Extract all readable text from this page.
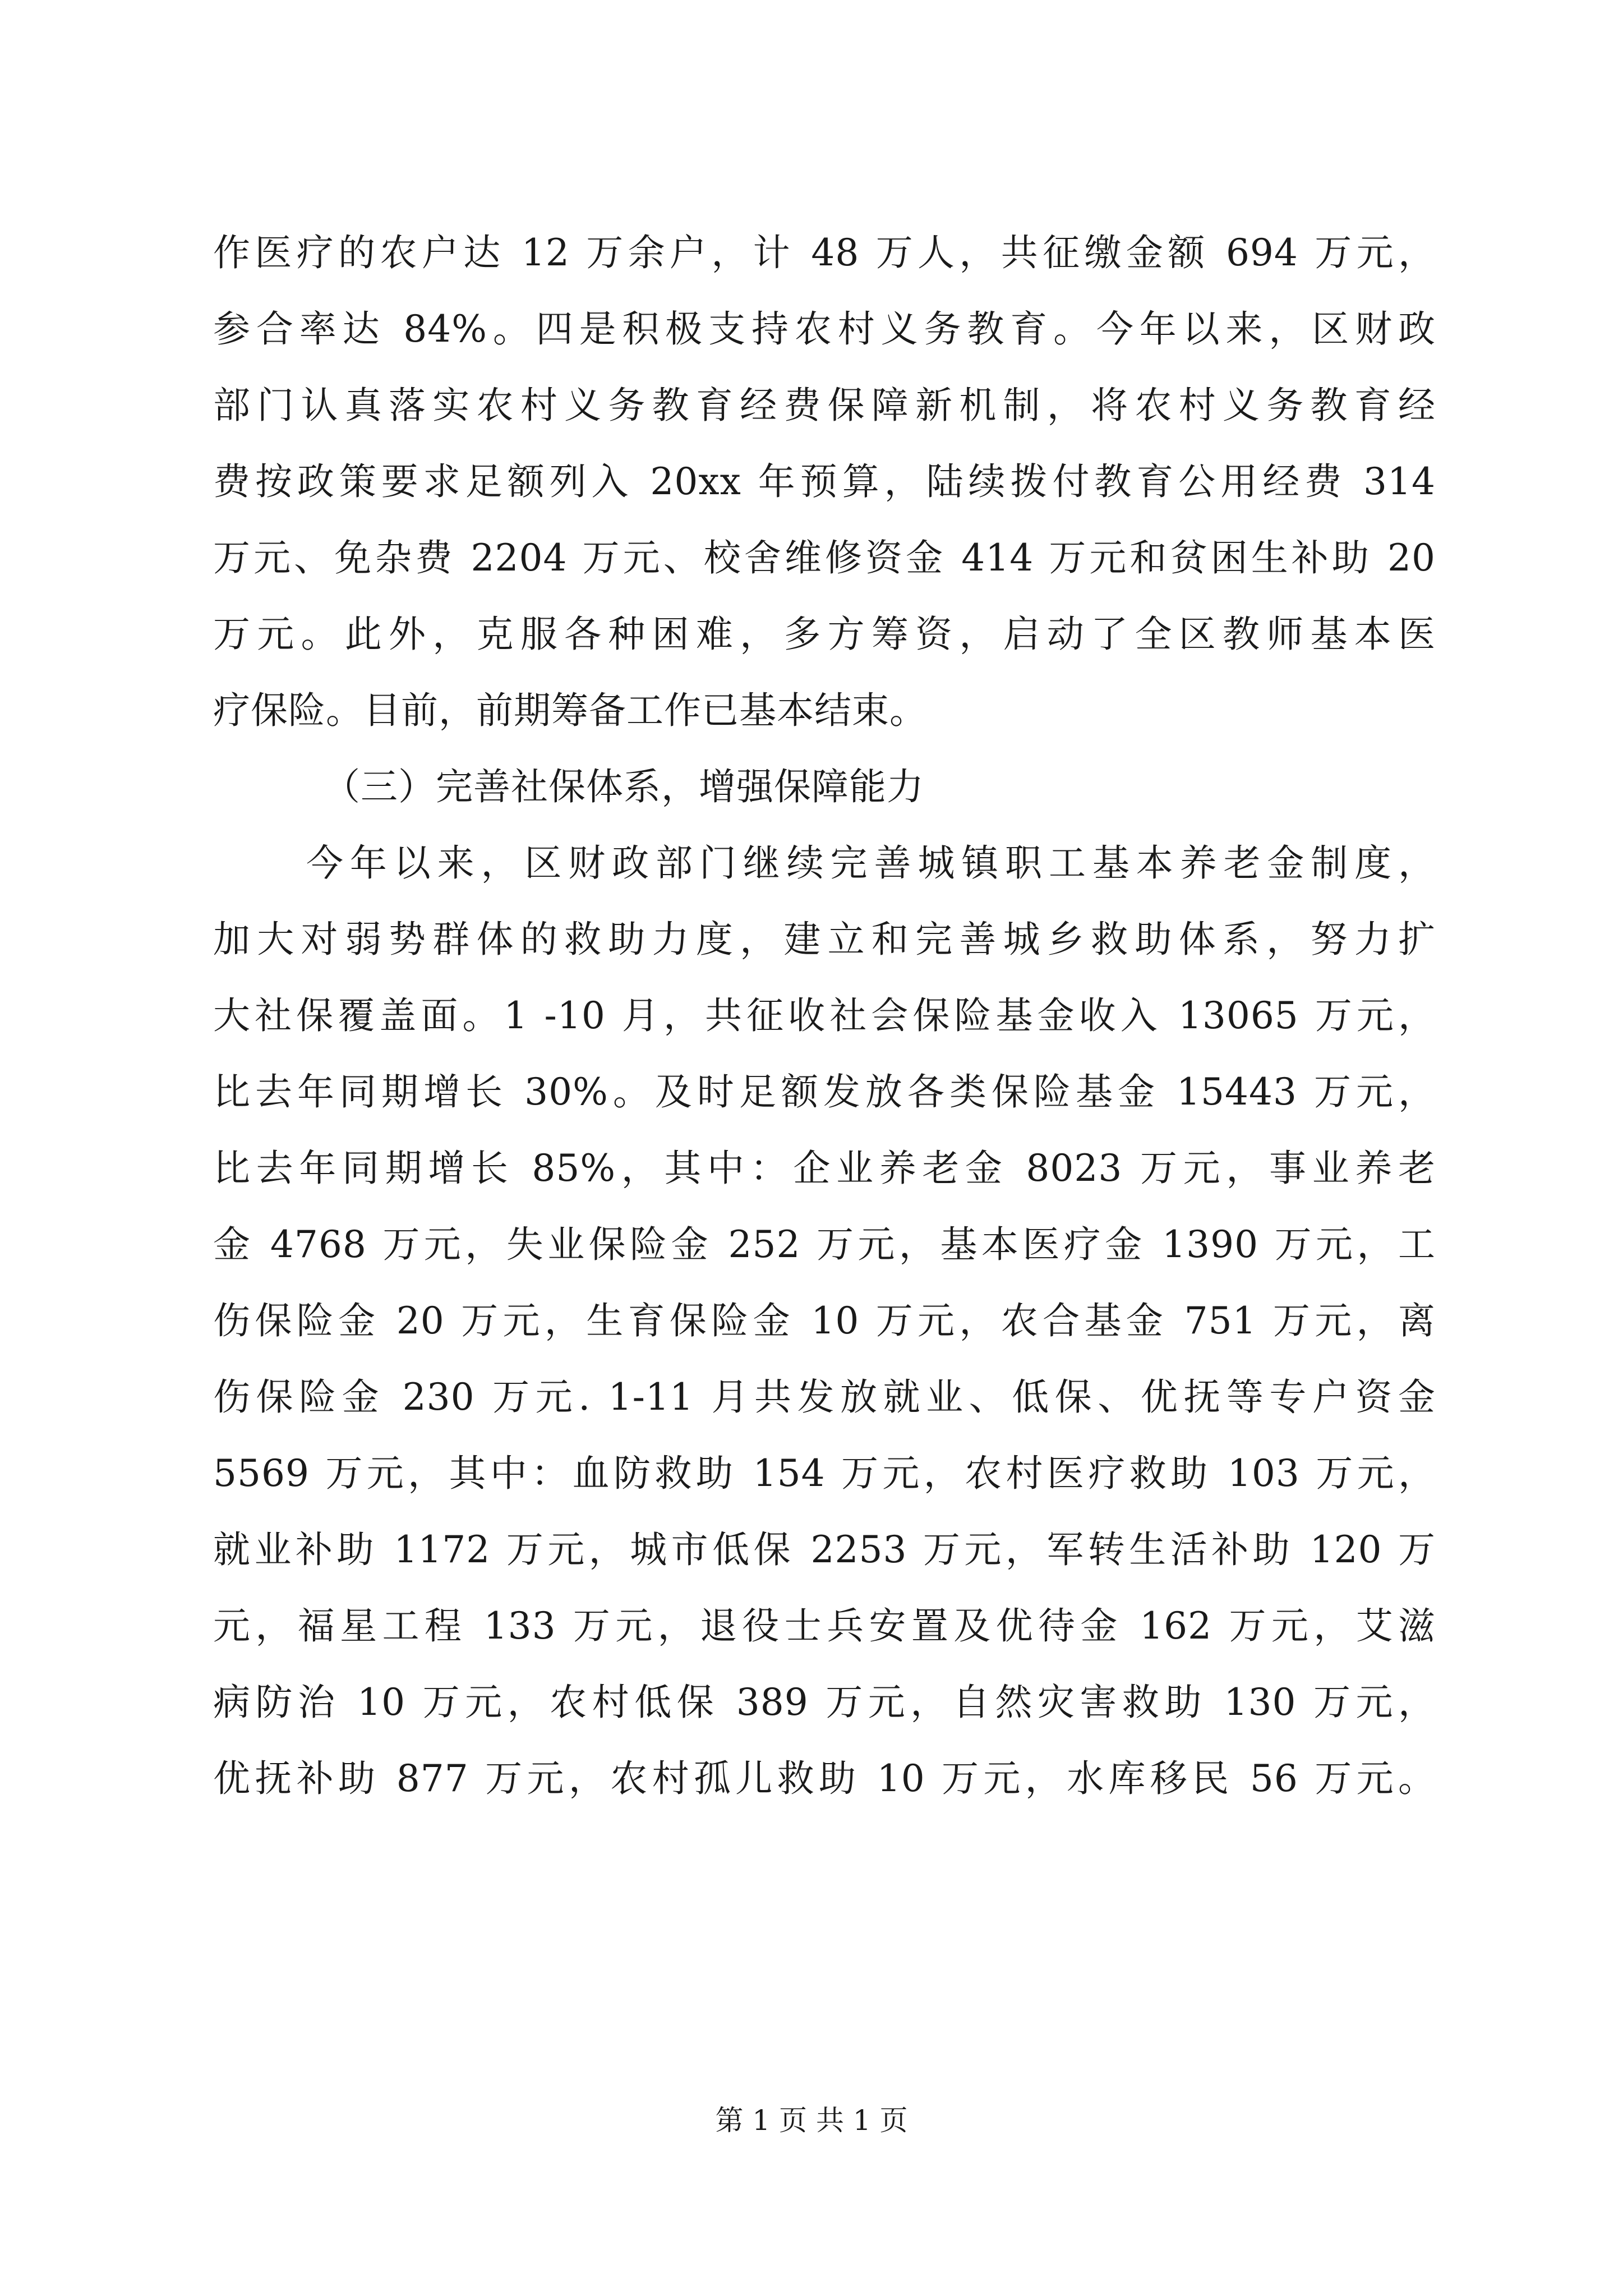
作医疗的农户达 12 万余户，计 48 万人，共征缴金额 694 万元，
参合率达 84%。四是积极支持农村义务教育。今年以来，区财政
部门认真落实农村义务教育经费保障新机制，将农村义务教育经
费按政策要求足额列入 20xx 年预算，陆续拨付教育公用经费 314
万元、免杂费 2204 万元、校舍维修资金 414 万元和贫困生补助 20
万元。此外，克服各种困难，多方筹资，启动了全区教师基本医
疗保险。目前，前期筹备工作已基本结束。
（三）完善社保体系，增强保障能力
今年以来，区财政部门继续完善城镇职工基本养老金制度，
加大对弱势群体的救助力度，建立和完善城乡救助体系，努力扩
大社保覆盖面。1 -10 月，共征收社会保险基金收入 13065 万元，
比去年同期增长 30%。及时足额发放各类保险基金 15443 万元，
比去年同期增长 85%，其中：企业养老金 8023 万元，事业养老
金 4768 万元，失业保险金 252 万元，基本医疗金 1390 万元，工
伤保险金 20 万元，生育保险金 10 万元，农合基金 751 万元，离
伤保险金 230 万元. 1-11 月共发放就业、低保、优抚等专户资金
5569 万元，其中：血防救助 154 万元，农村医疗救助 103 万元，
就业补助 1172 万元，城市低保 2253 万元，军转生活补助 120 万
元，福星工程 133 万元，退役士兵安置及优待金 162 万元，艾滋
病防治 10 万元，农村低保 389 万元，自然灾害救助 130 万元，
优抚补助 877 万元，农村孤儿救助 10 万元，水库移民 56 万元。
第 1 页 共 1 页
